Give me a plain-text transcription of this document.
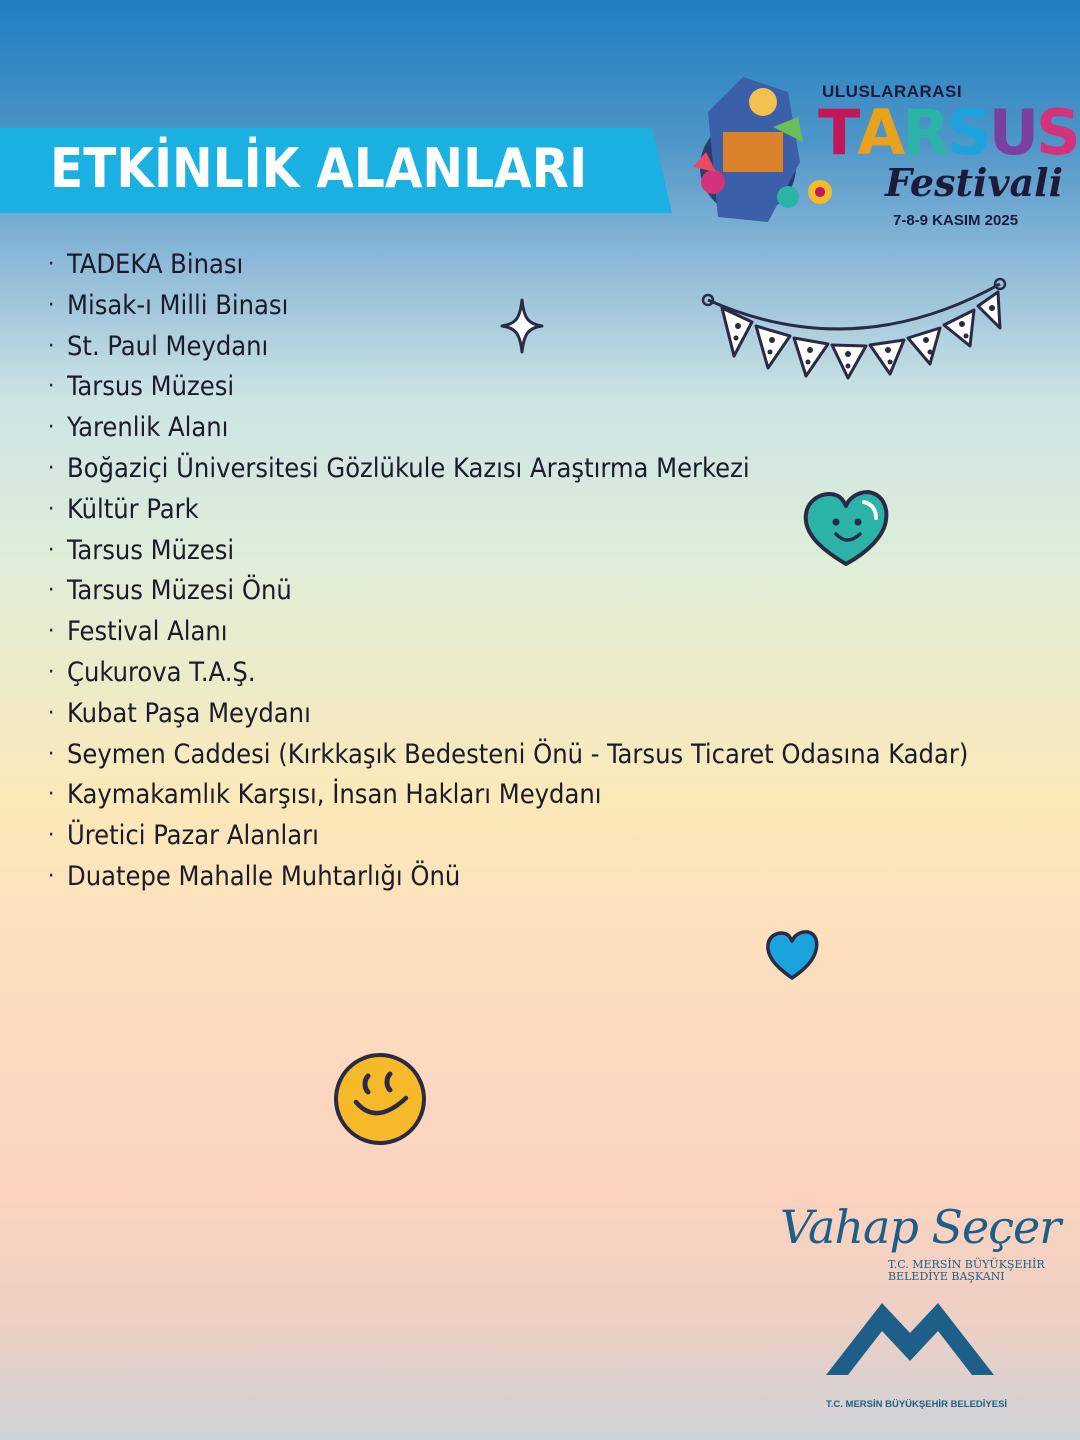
ETKİNLİK ALANLARI
ULUSLARARASI
TARSUS
Festivali
7-8-9 KASIM 2025
· TADEKA Binası
· Misak-ı Milli Binası
· St. Paul Meydanı
· Tarsus Müzesi
· Yarenlik Alanı
· Boğaziçi Üniversitesi Gözlükule Kazısı Araştırma Merkezi
· Kültür Park
· Tarsus Müzesi
· Tarsus Müzesi Önü
· Festival Alanı
· Çukurova T.A.Ş.
· Kubat Paşa Meydanı
· Seymen Caddesi (Kırkkaşık Bedesteni Önü - Tarsus Ticaret Odasına Kadar)
· Kaymakamlık Karşısı, İnsan Hakları Meydanı
· Üretici Pazar Alanları
· Duatepe Mahalle Muhtarlığı Önü
Vahap Seçer
T.C. MERSİN BÜYÜKŞEHİR
BELEDİYE BAŞKANI
T.C. MERSİN BÜYÜKŞEHİR BELEDİYESİ
